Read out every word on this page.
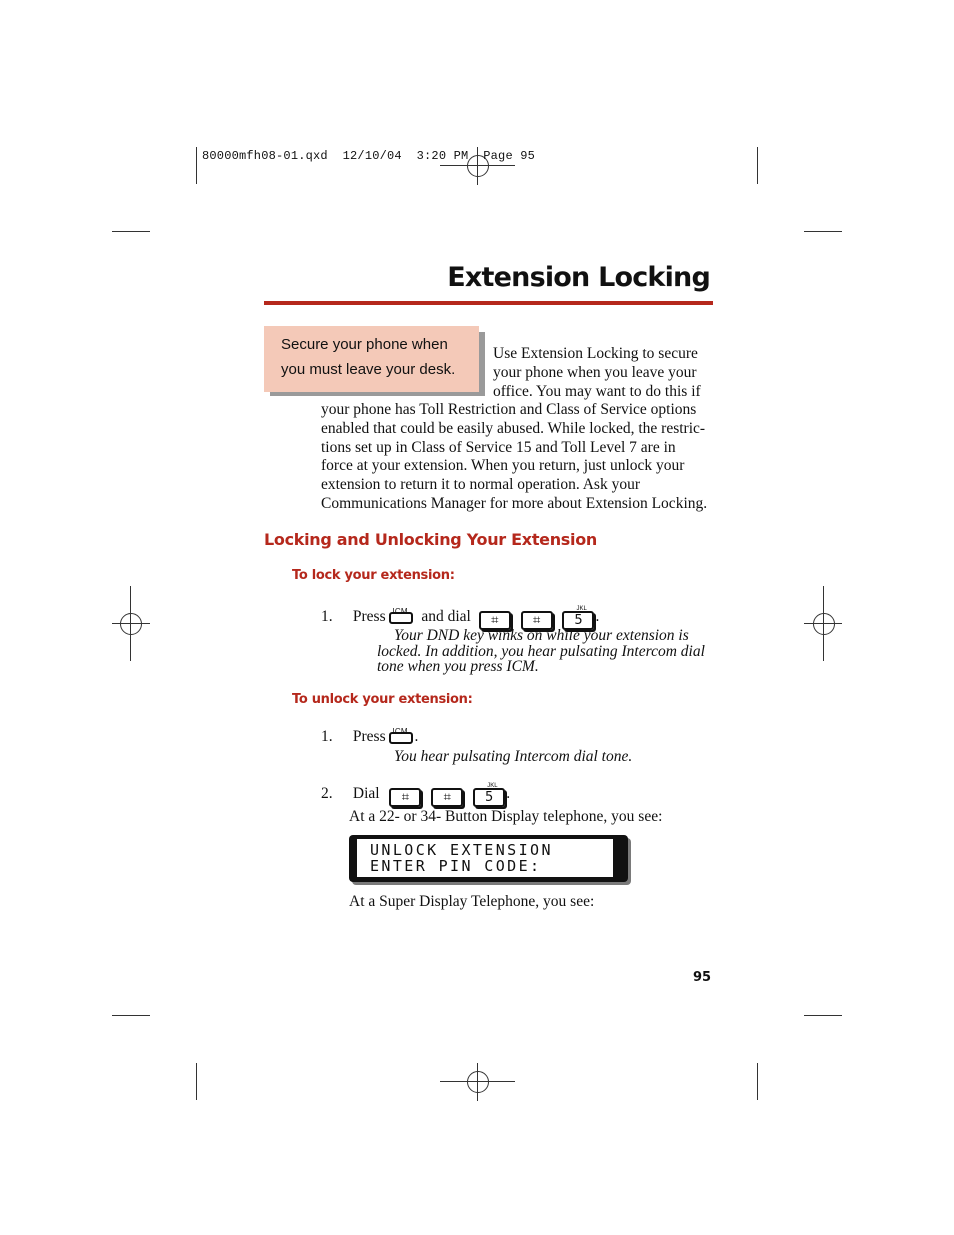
80000mfh08-01.qxd  12/10/04  3:20 PM  Page 95
Extension Locking
Secure your phone when
you must leave your desk.
Use Extension Locking to secure
your phone when you leave your
office. You may want to do this if
your phone has Toll Restriction and Class of Service options
enabled that could be easily abused. While locked, the restric-
tions set up in Class of Service 15 and Toll Level 7 are in
force at your extension. When you return, just unlock your
extension to return it to normal operation. Ask your
Communications Manager for more about Extension Locking.
Locking and Unlocking Your Extension
To lock your extension:
1. Press ICM and dial ⌗	⌗	5
JKL .
Your DND key winks on while your extension is
locked. In addition, you hear pulsating Intercom dial
tone when you press ICM.
To unlock your extension:
1. Press ICM .
You hear pulsating Intercom dial tone.
2. Dial ⌗	⌗	5
JKL .
At a 22- or 34- Button Display telephone, you see:
UNLOCK EXTENSION
ENTER PIN CODE:
At a Super Display Telephone, you see:
95
